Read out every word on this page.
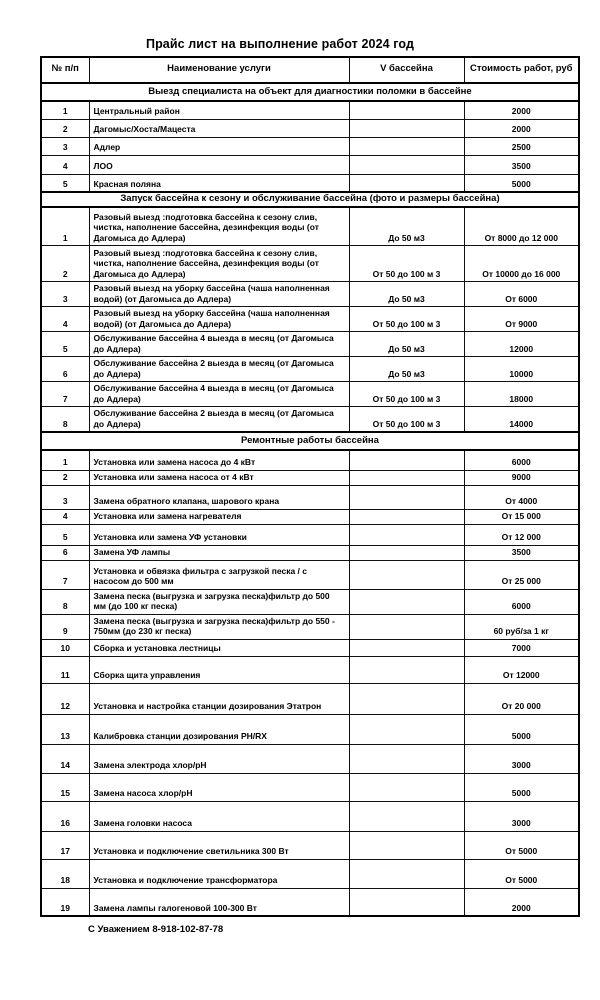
Прайс лист на выполнение работ 2024 год
№ п/п	Наименование услуги	V бассейна	Стоимость работ, руб
Выезд специалиста на объект для диагностики поломки в бассейне			
1	Центральный район		2000
2	Дагомыс/Хоста/Мацеста		2000
3	Адлер		2500
4	ЛОО		3500
5	Красная поляна		5000
Запуск бассейна к сезону и обслуживание бассейна (фото и размеры бассейна)			
1	Разовый выезд :подготовка бассейна к сезону слив,
чистка, наполнение бассейна, дезинфекция воды (от
Дагомыса до Адлера)	До 50 м3	От 8000 до 12 000
2	Разовый выезд :подготовка бассейна к сезону слив,
чистка, наполнение бассейна, дезинфекция воды (от
Дагомыса до Адлера)	От 50 до 100 м 3	От 10000 до 16 000
3	Разовый выезд на уборку бассейна (чаша наполненная
водой) (от Дагомыса до Адлера)	До 50 м3	От 6000
4	Разовый выезд на уборку бассейна (чаша наполненная
водой) (от Дагомыса до Адлера)	От 50 до 100 м 3	От 9000
5	Обслуживание бассейна 4 выезда в месяц (от Дагомыса
до Адлера)	До 50 м3	12000
6	Обслуживание бассейна 2 выезда в месяц (от Дагомыса
до Адлера)	До 50 м3	10000
7	Обслуживание бассейна 4 выезда в месяц (от Дагомыса
до Адлера)	От 50 до 100 м 3	18000
8	Обслуживание бассейна 2 выезда в месяц (от Дагомыса
до Адлера)	От 50 до 100 м 3	14000
Ремонтные работы бассейна			
1	Установка или замена насоса до 4 кВт		6000
2	Установка или замена насоса от 4 кВт		9000
3	Замена обратного клапана, шарового крана		От 4000
4	Установка или замена нагревателя		От 15 000
5	Установка или замена УФ установки		От 12 000
6	Замена УФ лампы		3500
7	Установка и обвязка фильтра с загрузкой песка / с
насосом до 500 мм		От 25 000
8	Замена песка (выгрузка и загрузка песка)фильтр до 500
мм (до 100 кг песка)		6000
9	Замена песка (выгрузка и загрузка песка)фильтр до 550 -
750мм (до 230 кг песка)		60 руб/за 1 кг
10	Сборка и установка лестницы		7000
11	Сборка щита управления		От 12000
12	Установка и настройка станции дозирования Этатрон		От 20 000
13	Калибровка станции дозирования PH/RX		5000
14	Замена электрода хлор/pH		3000
15	Замена насоса хлор/pH		5000
16	Замена головки насоса		3000
17	Установка и подключение светильника 300 Вт		От 5000
18	Установка и подключение трансформатора		От 5000
19	Замена лампы галогеновой 100-300 Вт		2000
С Уважением 8-918-102-87-78
